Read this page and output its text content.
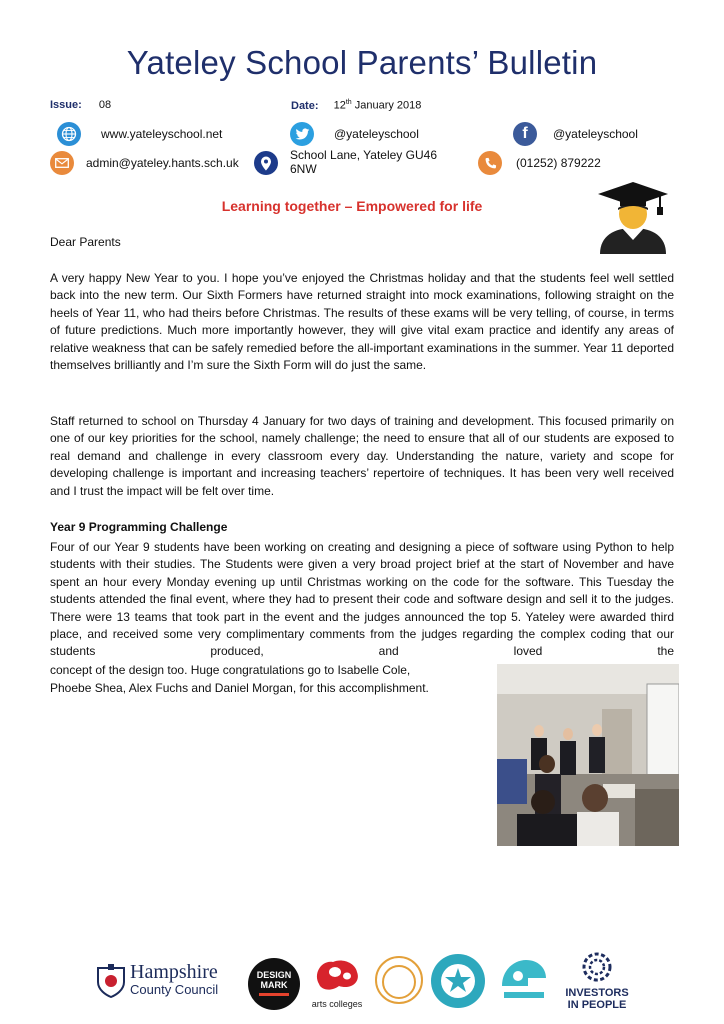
Yateley School Parents’ Bulletin
Issue: 08	Date: 12th January 2018
www.yateleyschool.net	@yateleyschool	f	@yateleyschool
admin@yateley.hants.sch.uk
School Lane, Yateley GU46 6NW	(01252) 879222
Learning together – Empowered for life
Dear Parents

A very happy New Year to you. I hope you’ve enjoyed the Christmas holiday and that the students feel well settled back into the new term. Our Sixth Formers have returned straight into mock examinations, following straight on the heels of Year 11, who had theirs before Christmas. The results of these exams will be very telling, of course, in terms of future predictions. Much more importantly however, they will give vital exam practice and identify any areas of relative weakness that can be safely remedied before the all-important examinations in the summer. Year 11 deported themselves brilliantly and I’m sure the Sixth Form will do just the same.

Staff returned to school on Thursday 4 January for two days of training and development. This focused primarily on one of our key priorities for the school, namely challenge; the need to ensure that all of our students are exposed to real demand and challenge in every classroom every day. Understanding the nature, variety and scope for developing challenge is important and increasing teachers’ repertoire of techniques. It has been very well received and I trust the impact will be felt over time.

Year 9 Programming Challenge

Four of our Year 9 students have been working on creating and designing a piece of software using Python to help students with their studies. The Students were given a very broad project brief at the start of November and have spent an hour every Monday evening up until Christmas working on the code for the software. This Tuesday the students attended the final event, where they had to present their code and software design and sell it to the judges. There were 13 teams that took part in the event and the judges announced the top 5. Yateley were awarded third place, and received some very complimentary comments from the judges regarding the complex coding that our students produced, and loved the

concept of the design too. Huge congratulations go to Isabelle Cole,
Phoebe Shea, Alex Fuchs and Daniel Morgan, for this accomplishment.
Hampshire
County Council
DESIGN
MARK
arts colleges
INVESTORS
IN PEOPLE
